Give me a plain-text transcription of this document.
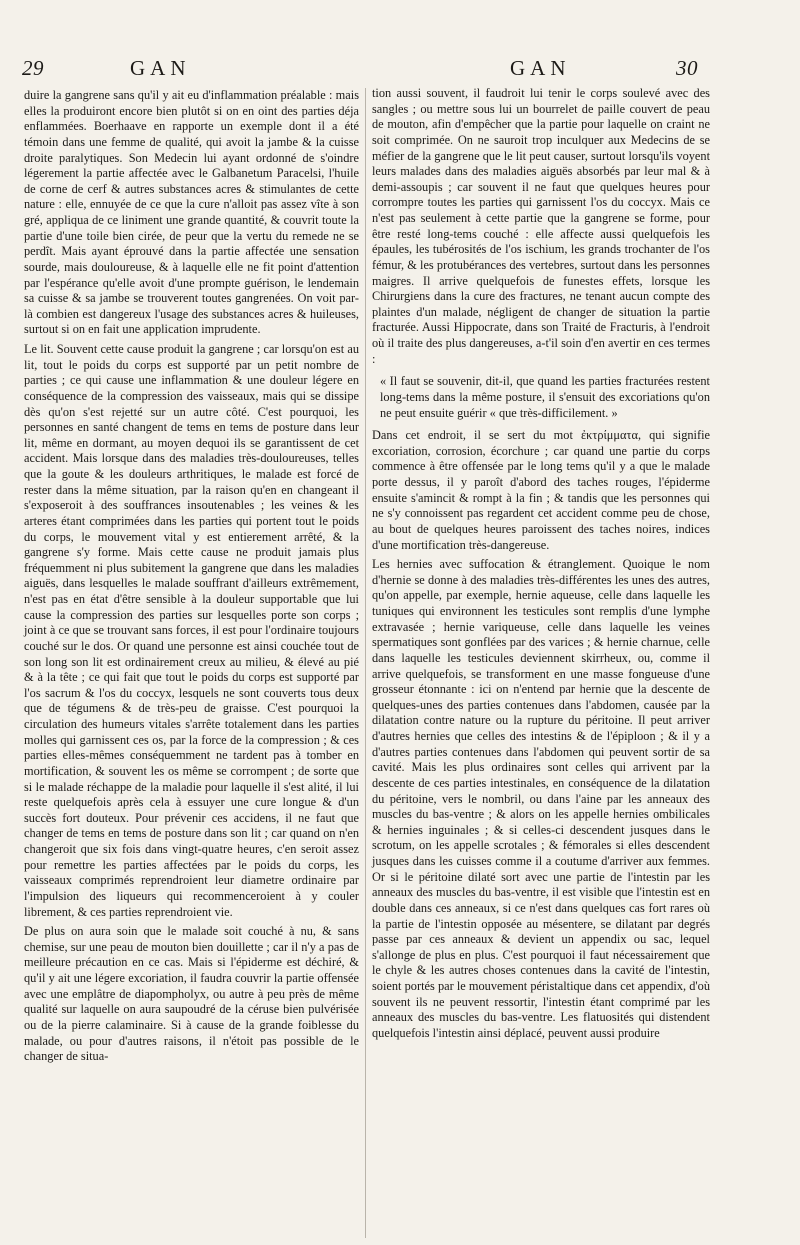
29	GAN	GAN	30

duire la gangrene sans qu'il y ait eu d'inflammation préalable : mais elles la produiront encore bien plutôt si on en oint des parties déja enflammées. Boerhaave en rapporte un exemple dont il a été témoin dans une femme de qualité, qui avoit la jambe & la cuisse droite paralytiques. Son Medecin lui ayant ordonné de s'oindre légerement la partie affectée avec le Galbanetum Paracelsi, l'huile de corne de cerf & autres substances acres & stimulantes de cette nature : elle, ennuyée de ce que la cure n'alloit pas assez vîte à son gré, appliqua de ce liniment une grande quantité, & couvrit toute la partie d'une toile bien cirée, de peur que la vertu du remede ne se perdît. Mais ayant éprouvé dans la partie affectée une sensation sourde, mais douloureuse, & à laquelle elle ne fit point d'attention par l'espérance qu'elle avoit d'une prompte guérison, le lendemain sa cuisse & sa jambe se trouverent toutes gangrenées. On voit par-là combien est dangereux l'usage des substances acres & huileuses, surtout si on en fait une application imprudente.

Le lit. Souvent cette cause produit la gangrene ; car lorsqu'on est au lit, tout le poids du corps est supporté par un petit nombre de parties ; ce qui cause une inflammation & une douleur légere en conséquence de la compression des vaisseaux, mais qui se dissipe dès qu'on s'est rejetté sur un autre côté. C'est pourquoi, les personnes en santé changent de tems en tems de posture dans leur lit, même en dormant, au moyen dequoi ils se garantissent de cet accident. Mais lorsque dans des maladies très-douloureuses, telles que la goute & les douleurs arthritiques, le malade est forcé de rester dans la même situation, par la raison qu'en en changeant il s'exposeroit à des souffrances insoutenables ; les veines & les arteres étant comprimées dans les parties qui portent tout le poids du corps, le mouvement vital y est entierement arrêté, & la gangrene s'y forme. Mais cette cause ne produit jamais plus fréquemment ni plus subitement la gangrene que dans les maladies aiguës, dans lesquelles le malade souffrant d'ailleurs extrêmement, n'est pas en état d'être sensible à la douleur supportable que lui cause la compression des parties sur lesquelles porte son corps ; joint à ce que se trouvant sans forces, il est pour l'ordinaire toujours couché sur le dos. Or quand une personne est ainsi couchée tout de son long son lit est ordinairement creux au milieu, & élevé au pié & à la tête ; ce qui fait que tout le poids du corps est supporté par l'os sacrum & l'os du coccyx, lesquels ne sont couverts tous deux que de tégumens & de très-peu de graisse. C'est pourquoi la circulation des humeurs vitales s'arrête totalement dans les parties molles qui garnissent ces os, par la force de la compression ; & ces parties elles-mêmes conséquemment ne tardent pas à tomber en mortification, & souvent les os même se corrompent ; de sorte que si le malade réchappe de la maladie pour laquelle il s'est alité, il lui reste quelquefois après cela à essuyer une cure longue & d'un succès fort douteux. Pour prévenir ces accidens, il ne faut que changer de tems en tems de posture dans son lit ; car quand on n'en changeroit que six fois dans vingt-quatre heures, c'en seroit assez pour remettre les parties affectées par le poids du corps, les vaisseaux comprimés reprendroient leur diametre ordinaire par l'impulsion des liqueurs qui recommenceroient à y couler librement, & ces parties reprendroient vie.

De plus on aura soin que le malade soit couché à nu, & sans chemise, sur une peau de mouton bien douillette ; car il n'y a pas de meilleure précaution en ce cas. Mais si l'épiderme est déchiré, & qu'il y ait une légere excoriation, il faudra couvrir la partie offensée avec une emplâtre de diapompholyx, ou autre à peu près de même qualité sur laquelle on aura saupoudré de la céruse bien pulvérisée ou de la pierre calaminaire. Si à cause de la grande foiblesse du malade, ou pour d'autres raisons, il n'étoit pas possible de le changer de situa-

tion aussi souvent, il faudroit lui tenir le corps soulevé avec des sangles ; ou mettre sous lui un bourrelet de paille couvert de peau de mouton, afin d'empêcher que la partie pour laquelle on craint ne soit comprimée. On ne sauroit trop inculquer aux Medecins de se méfier de la gangrene que le lit peut causer, surtout lorsqu'ils voyent leurs malades dans des maladies aiguës absorbés par leur mal & à demi-assoupis ; car souvent il ne faut que quelques heures pour corrompre toutes les parties qui garnissent l'os du coccyx. Mais ce n'est pas seulement à cette partie que la gangrene se forme, pour être resté long-tems couché : elle affecte aussi quelquefois les épaules, les tubérosités de l'os ischium, les grands trochanter de l'os fémur, & les protubérances des vertebres, surtout dans les personnes maigres. Il arrive quelquefois de funestes effets, lorsque les Chirurgiens dans la cure des fractures, ne tenant aucun compte des plaintes d'un malade, négligent de changer de situation la partie fracturée. Aussi Hippocrate, dans son Traité de Fracturis, à l'endroit où il traite des plus dangereuses, a-t'il soin d'en avertir en ces termes :

« Il faut se souvenir, dit-il, que quand les parties fracturées restent long-tems dans la même posture, il s'ensuit des excoriations qu'on ne peut ensuite guérir « que très-difficilement. »

Dans cet endroit, il se sert du mot ἐκτρίμματα, qui signifie excoriation, corrosion, écorchure ; car quand une partie du corps commence à être offensée par le long tems qu'il y a que le malade porte dessus, il y paroît d'abord des taches rouges, l'épiderme ensuite s'amincit & rompt à la fin ; & tandis que les personnes qui ne s'y connoissent pas regardent cet accident comme peu de chose, au bout de quelques heures paroissent des taches noires, indices d'une mortification très-dangereuse.

Les hernies avec suffocation & étranglement. Quoique le nom d'hernie se donne à des maladies très-différentes les unes des autres, qu'on appelle, par exemple, hernie aqueuse, celle dans laquelle les tuniques qui environnent les testicules sont remplis d'une lymphe extravasée ; hernie variqueuse, celle dans laquelle les veines spermatiques sont gonflées par des varices ; & hernie charnue, celle dans laquelle les testicules deviennent skirrheux, ou, comme il arrive quelquefois, se transforment en une masse fongueuse d'une grosseur étonnante : ici on n'entend par hernie que la descente de quelques-unes des parties contenues dans l'abdomen, causée par la dilatation contre nature ou la rupture du péritoine. Il peut arriver d'autres hernies que celles des intestins & de l'épiploon ; & il y a d'autres parties contenues dans l'abdomen qui peuvent sortir de sa cavité. Mais les plus ordinaires sont celles qui arrivent par la descente de ces parties intestinales, en conséquence de la dilatation du péritoine, vers le nombril, ou dans l'aine par les anneaux des muscles du bas-ventre ; & alors on les appelle hernies ombilicales & hernies inguinales ; & si celles-ci descendent jusques dans le scrotum, on les appelle scrotales ; & fémorales si elles descendent jusques dans les cuisses comme il a coutume d'arriver aux femmes. Or si le péritoine dilaté sort avec une partie de l'intestin par les anneaux des muscles du bas-ventre, il est visible que l'intestin est en double dans ces anneaux, si ce n'est dans quelques cas fort rares où la partie de l'intestin opposée au mésentere, se dilatant par degrés passe par ces anneaux & devient un appendix ou sac, lequel s'allonge de plus en plus. C'est pourquoi il faut nécessairement que le chyle & les autres choses contenues dans la cavité de l'intestin, soient portés par le mouvement péristaltique dans cet appendix, d'où souvent ils ne peuvent ressortir, l'intestin étant comprimé par les anneaux des muscles du bas-ventre. Les flatuosités qui distendent quelquefois l'intestin ainsi déplacé, peuvent aussi produire
